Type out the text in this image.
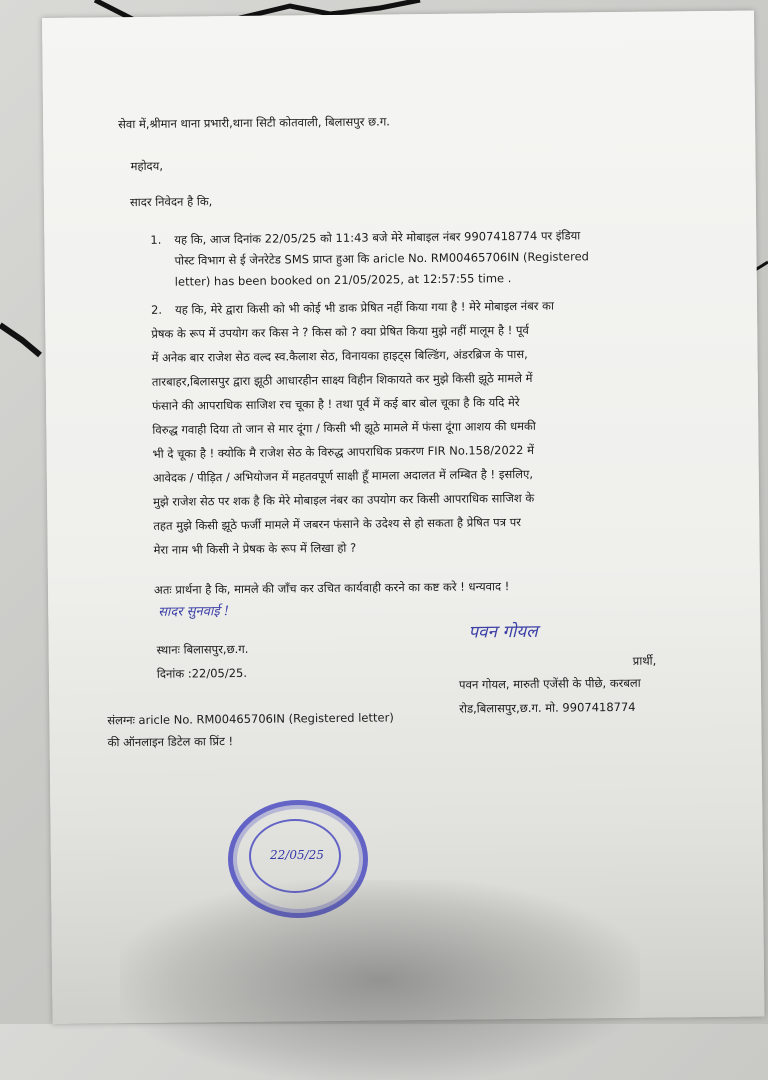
सेवा में,श्रीमान थाना प्रभारी,थाना सिटी कोतवाली, बिलासपुर छ.ग.
महोदय,
सादर निवेदन है कि,
1. यह कि, आज दिनांक 22/05/25 को 11:43 बजे मेरे मोबाइल नंबर 9907418774 पर इंडिया
पोस्ट विभाग से ई जेनरेटेड SMS प्राप्त हुआ कि aricle No. RM00465706IN (Registered
letter) has been booked on 21/05/2025, at 12:57:55 time .
2. यह कि, मेरे द्वारा किसी को भी कोई भी डाक प्रेषित नहीं किया गया है ! मेरे मोबाइल नंबर का
प्रेषक के रूप में उपयोग कर किस ने ? किस को ? क्या प्रेषित किया मुझे नहीं मालूम है ! पूर्व
में अनेक बार राजेश सेठ वल्द स्व.कैलाश सेठ, विनायका हाइट्स बिल्डिंग, अंडरब्रिज के पास,
तारबाहर,बिलासपुर द्वारा झूठी आधारहीन साक्ष्य विहीन शिकायते कर मुझे किसी झूठे मामले में
फंसाने की आपराधिक साजिश रच चूका है ! तथा पूर्व में कई बार बोल चूका है कि यदि मेरे
विरुद्ध गवाही दिया तो जान से मार दूंगा / किसी भी झूठे मामले में फंसा दूंगा आशय की धमकी
भी दे चूका है ! क्योकि मै राजेश सेठ के विरुद्ध आपराधिक प्रकरण FIR No.158/2022 में
आवेदक / पीड़ित / अभियोजन में महतवपूर्ण साक्षी हूँ मामला अदालत में लम्बित है ! इसलिए,
मुझे राजेश सेठ पर शक है कि मेरे मोबाइल नंबर का उपयोग कर किसी आपराधिक साजिश के
तहत मुझे किसी झूठे फर्जी मामले में जबरन फंसाने के उदेश्य से हो सकता है प्रेषित पत्र पर
मेरा नाम भी किसी ने प्रेषक के रूप में लिखा हो ?
अतः प्रार्थना है कि, मामले की जाँच कर उचित कार्यवाही करने का कष्ट करे ! धन्यवाद !
सादर सुनवाई !
स्थानः बिलासपुर,छ.ग.
दिनांक :22/05/25.
पवन गोयल
प्रार्थी,
पवन गोयल, मारुती एजेंसी के पीछे, करबला
रोड,बिलासपुर,छ.ग. मो. 9907418774
संलग्नः aricle No. RM00465706IN (Registered letter)
की ऑनलाइन डिटेल का प्रिंट !
22/05/25
